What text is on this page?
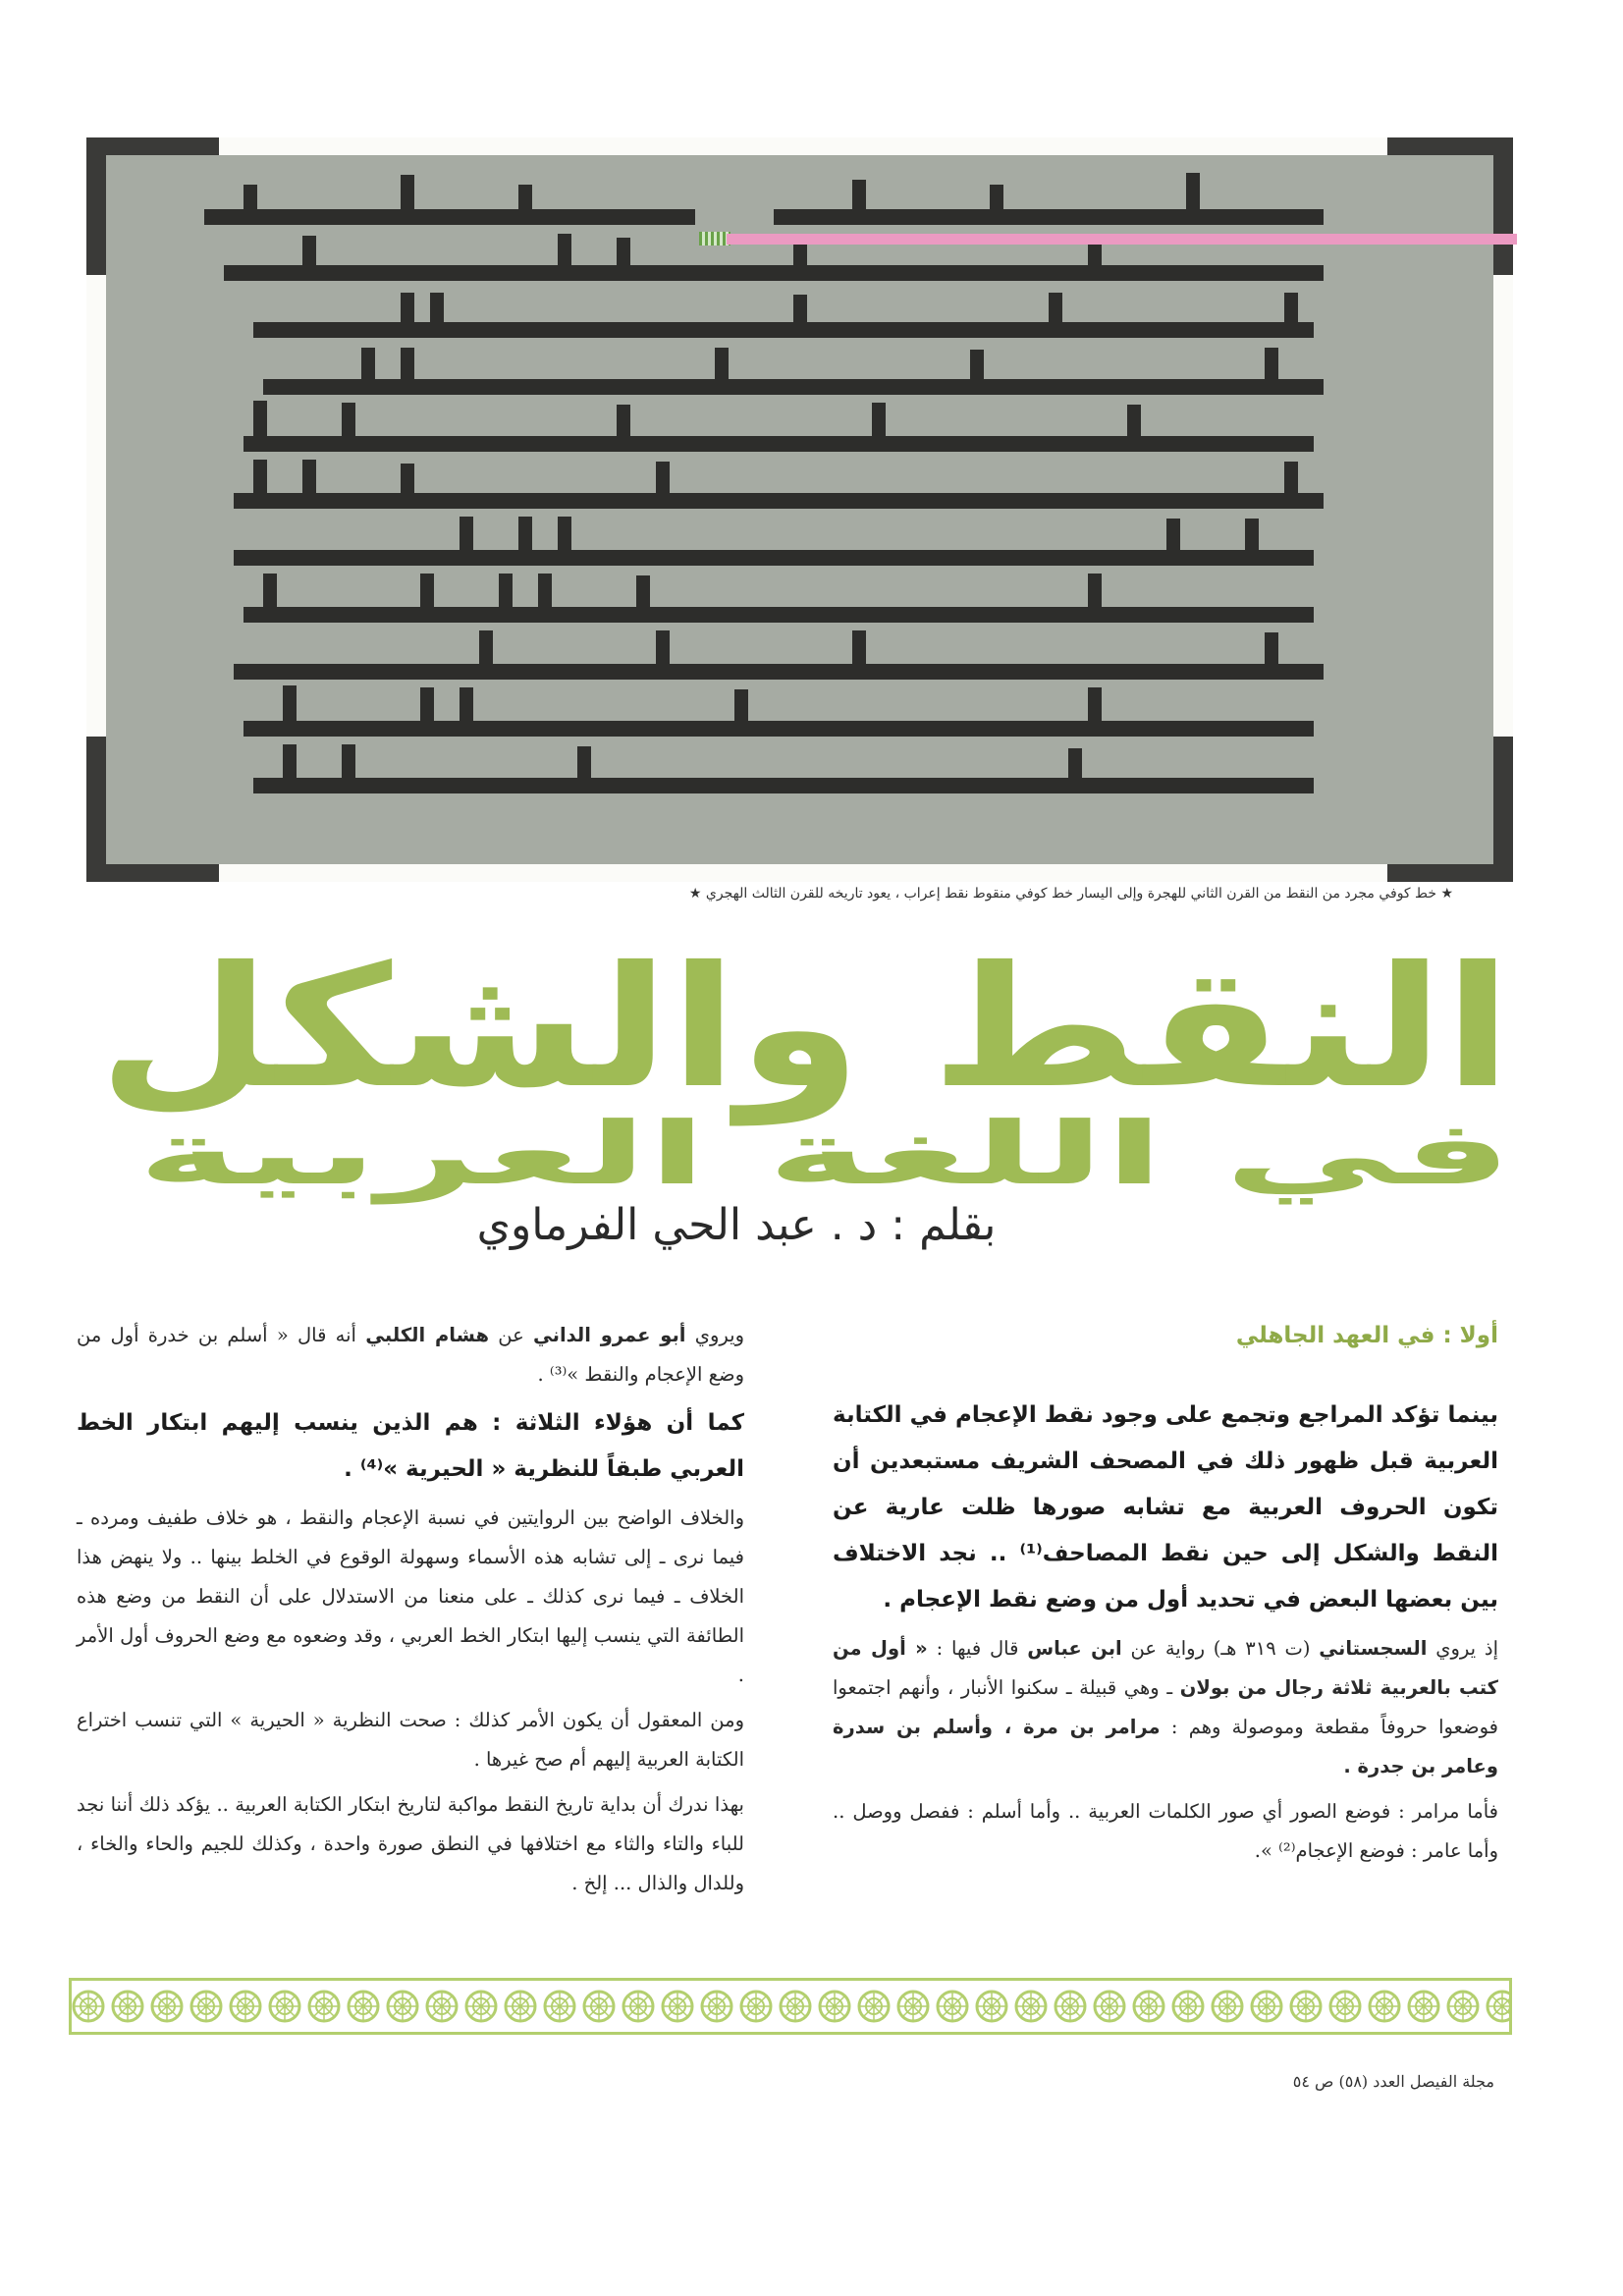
★ خط كوفي مجرد من النقط من القرن الثاني للهجرة وإلى اليسار خط كوفي منقوط نقط إعراب ، يعود تاريخه للقرن الثالث الهجري ★
النقط والشكل
في اللغة العربية
بقلم : د . عبد الحي الفرماوي
أولا : في العهد الجاهلي

بينما تؤكد المراجع وتجمع على وجود نقط الإعجام في الكتابة العربية قبل ظهور ذلك في المصحف الشريف مستبعدين أن تكون الحروف العربية مع تشابه صورها ظلت عارية عن النقط والشكل إلى حين نقط المصاحف⁽¹⁾ .. نجد الاختلاف بين بعضها البعض في تحديد أول من وضع نقط الإعجام .

إذ يروي السجستاني (ت ٣١٩ هـ) رواية عن ابن عباس قال فيها : « أول من كتب بالعربية ثلاثة رجال من بولان ـ وهي قبيلة ـ سكنوا الأنبار ، وأنهم اجتمعوا فوضعوا حروفاً مقطعة وموصولة وهم : مرامر بن مرة ، وأسلم بن سدرة وعامر بن جدرة .

فأما مرامر : فوضع الصور أي صور الكلمات العربية .. وأما أسلم : ففصل ووصل .. وأما عامر : فوضع الإعجام⁽²⁾ ».

ويروي أبو عمرو الداني عن هشام الكلبي أنه قال « أسلم بن خدرة أول من وضع الإعجام والنقط »⁽³⁾ .

كما أن هؤلاء الثلاثة : هم الذين ينسب إليهم ابتكار الخط العربي طبقاً للنظرية « الحيرية »⁽⁴⁾ .

والخلاف الواضح بين الروايتين في نسبة الإعجام والنقط ، هو خلاف طفيف ومرده ـ فيما نرى ـ إلى تشابه هذه الأسماء وسهولة الوقوع في الخلط بينها .. ولا ينهض هذا الخلاف ـ فيما نرى كذلك ـ على منعنا من الاستدلال على أن النقط من وضع هذه الطائفة التي ينسب إليها ابتكار الخط العربي ، وقد وضعوه مع وضع الحروف أول الأمر .

ومن المعقول أن يكون الأمر كذلك : صحت النظرية « الحيرية » التي تنسب اختراع الكتابة العربية إليهم أم صح غيرها .

بهذا ندرك أن بداية تاريخ النقط مواكبة لتاريخ ابتكار الكتابة العربية .. يؤكد ذلك أننا نجد للباء والتاء والثاء مع اختلافها في النطق صورة واحدة ، وكذلك للجيم والحاء والخاء ، وللدال والذال ... إلخ .

مجلة الفيصل العدد (٥٨) ص ٥٤
